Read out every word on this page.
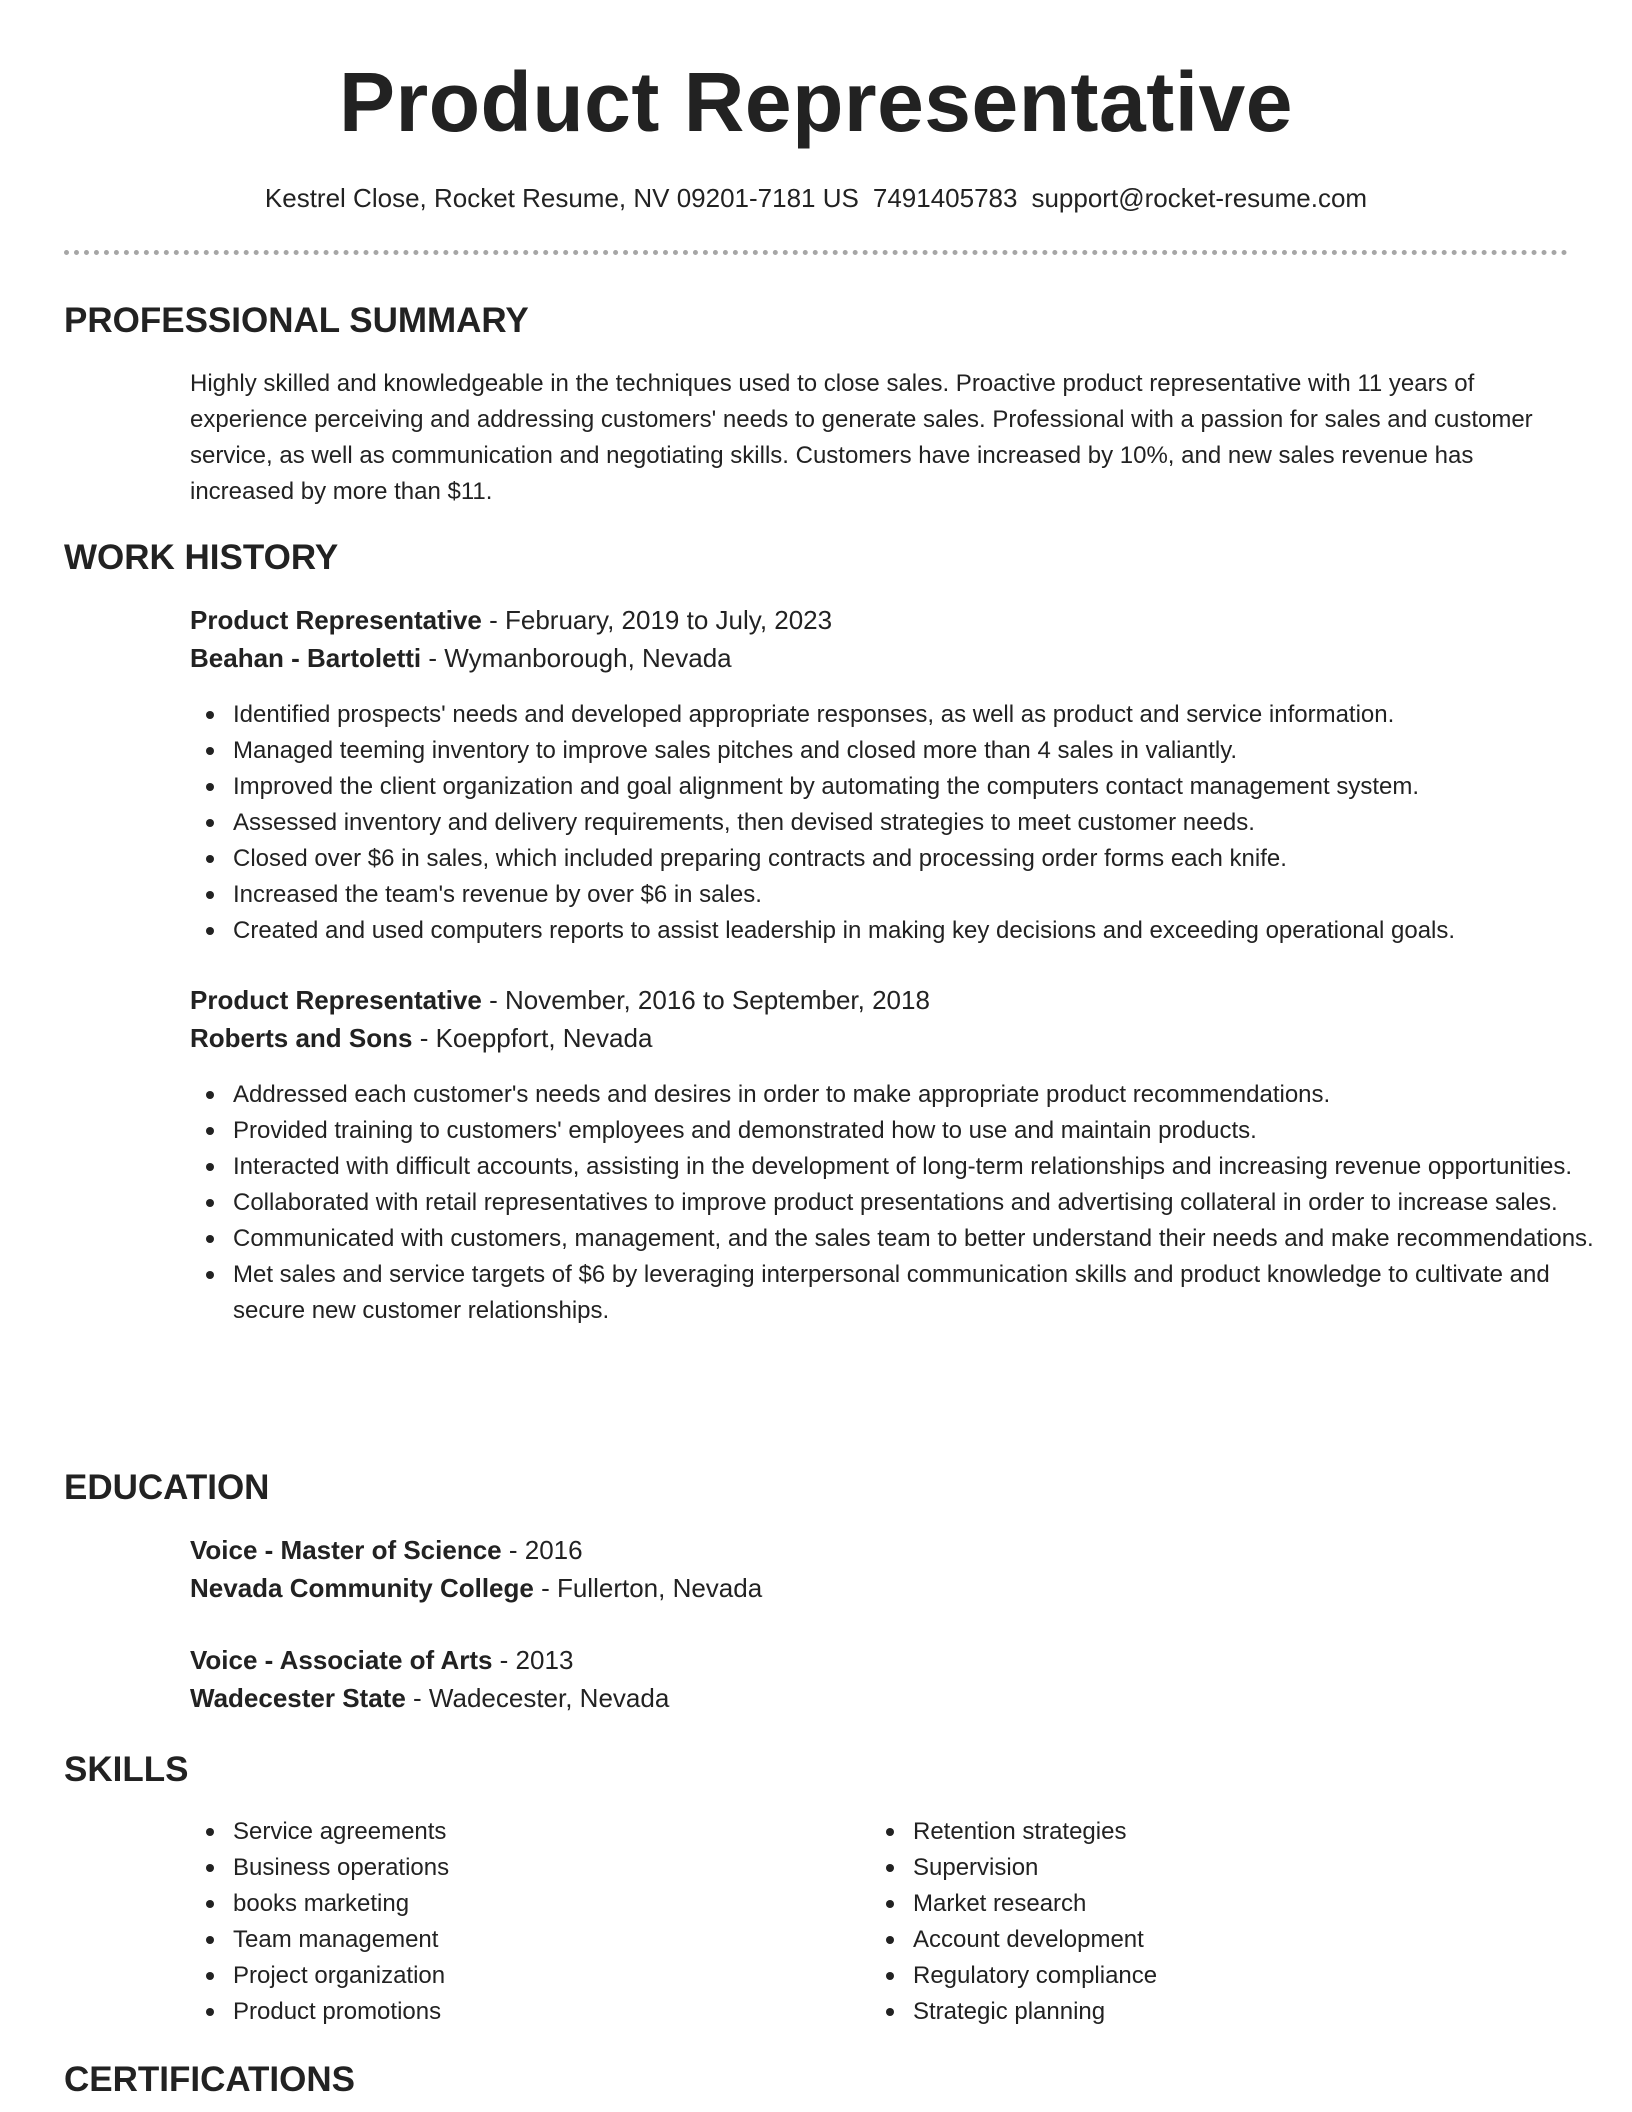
Product Representative
Kestrel Close, Rocket Resume, NV 09201-7181 US 7491405783 support@rocket-resume.com
PROFESSIONAL SUMMARY

Highly skilled and knowledgeable in the techniques used to close sales. Proactive product representative with 11 years of experience perceiving and addressing customers' needs to generate sales. Professional with a passion for sales and customer service, as well as communication and negotiating skills. Customers have increased by 10%, and new sales revenue has increased by more than $11.

WORK HISTORY
Product Representative - February, 2019 to July, 2023
Beahan - Bartoletti - Wymanborough, Nevada
Identified prospects' needs and developed appropriate responses, as well as product and service information.
Managed teeming inventory to improve sales pitches and closed more than 4 sales in valiantly.
Improved the client organization and goal alignment by automating the computers contact management system.
Assessed inventory and delivery requirements, then devised strategies to meet customer needs.
Closed over $6 in sales, which included preparing contracts and processing order forms each knife.
Increased the team's revenue by over $6 in sales.
Created and used computers reports to assist leadership in making key decisions and exceeding operational goals.
Product Representative - November, 2016 to September, 2018
Roberts and Sons - Koeppfort, Nevada
Addressed each customer's needs and desires in order to make appropriate product recommendations.
Provided training to customers' employees and demonstrated how to use and maintain products.
Interacted with difficult accounts, assisting in the development of long-term relationships and increasing revenue opportunities.
Collaborated with retail representatives to improve product presentations and advertising collateral in order to increase sales.
Communicated with customers, management, and the sales team to better understand their needs and make recommendations.
Met sales and service targets of $6 by leveraging interpersonal communication skills and product knowledge to cultivate and secure new customer relationships.
EDUCATION
Voice - Master of Science - 2016
Nevada Community College - Fullerton, Nevada
Voice - Associate of Arts - 2013
Wadecester State - Wadecester, Nevada
SKILLS
Service agreements
Business operations
books marketing
Team management
Project organization
Product promotions
Retention strategies
Supervision
Market research
Account development
Regulatory compliance
Strategic planning
CERTIFICATIONS
